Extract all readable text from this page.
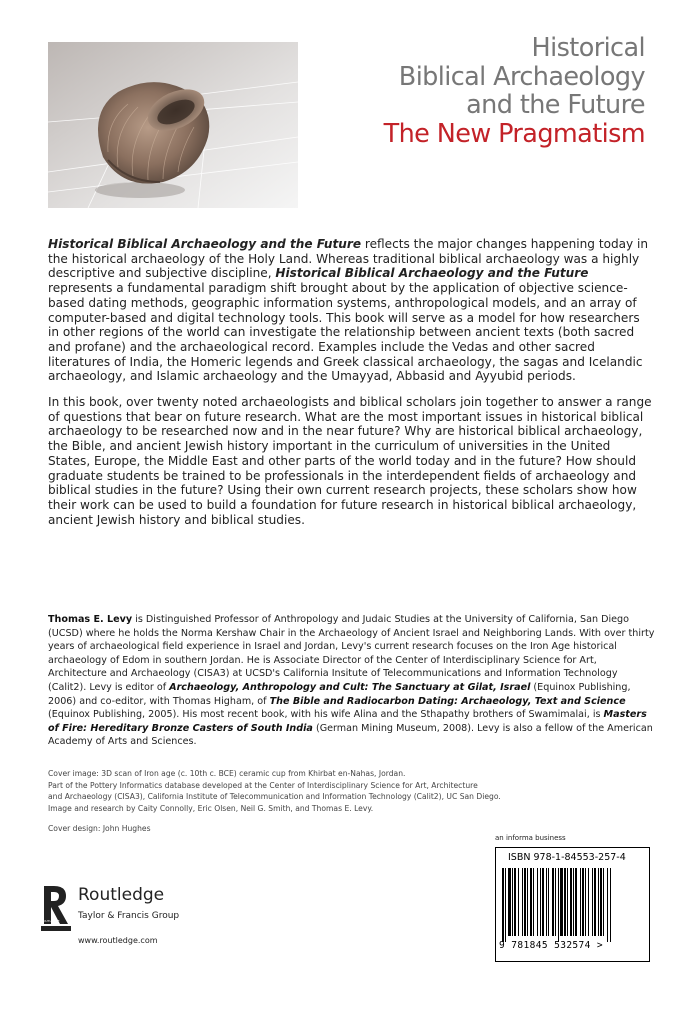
Historical
Biblical Archaeology
and the Future
The New Pragmatism

Historical Biblical Archaeology and the Future reflects the major changes happening today in the historical archaeology of the Holy Land. Whereas traditional biblical archaeology was a highly descriptive and subjective discipline, Historical Biblical Archaeology and the Future represents a fundamental paradigm shift brought about by the application of objective science-based dating methods, geographic information systems, anthropological models, and an array of computer-based and digital technology tools. This book will serve as a model for how researchers in other regions of the world can investigate the relationship between ancient texts (both sacred and profane) and the archaeological record. Examples include the Vedas and other sacred literatures of India, the Homeric legends and Greek classical archaeology, the sagas and Icelandic archaeology, and Islamic archaeology and the Umayyad, Abbasid and Ayyubid periods.

In this book, over twenty noted archaeologists and biblical scholars join together to answer a range of questions that bear on future research. What are the most important issues in historical biblical archaeology to be researched now and in the near future? Why are historical biblical archaeology, the Bible, and ancient Jewish history important in the curriculum of universities in the United States, Europe, the Middle East and other parts of the world today and in the future? How should graduate students be trained to be professionals in the interdependent fields of archaeology and biblical studies in the future? Using their own current research projects, these scholars show how their work can be used to build a foundation for future research in historical biblical archaeology, ancient Jewish history and biblical studies.

Thomas E. Levy is Distinguished Professor of Anthropology and Judaic Studies at the University of California, San Diego (UCSD) where he holds the Norma Kershaw Chair in the Archaeology of Ancient Israel and Neighboring Lands. With over thirty years of archaeological field experience in Israel and Jordan, Levy's current research focuses on the Iron Age historical archaeology of Edom in southern Jordan. He is Associate Director of the Center of Interdisciplinary Science for Art, Architecture and Archaeology (CISA3) at UCSD's California Insitute of Telecommunications and Information Technology (Calit2). Levy is editor of Archaeology, Anthropology and Cult: The Sanctuary at Gilat, Israel (Equinox Publishing, 2006) and co-editor, with Thomas Higham, of The Bible and Radiocarbon Dating: Archaeology, Text and Science (Equinox Publishing, 2005). His most recent book, with his wife Alina and the Sthapathy brothers of Swamimalai, is Masters of Fire: Hereditary Bronze Casters of South India (German Mining Museum, 2008). Levy is also a fellow of the American Academy of Arts and Sciences.

Cover image: 3D scan of Iron age (c. 10th c. BCE) ceramic cup from Khirbat en-Nahas, Jordan.

Part of the Pottery Informatics database developed at the Center of Interdisciplinary Science for Art, Architecture

and Archaeology (CISA3), California Institute of Telecommunication and Information Technology (Calit2), UC San Diego.

Image and research by Caity Connolly, Eric Olsen, Neil G. Smith, and Thomas E. Levy.

Cover design: John Hughes

ROUTLEDGE
Routledge
Taylor & Francis Group
www.routledge.com
an informa business
ISBN 978-1-84553-257-4
9 781845 532574 >
